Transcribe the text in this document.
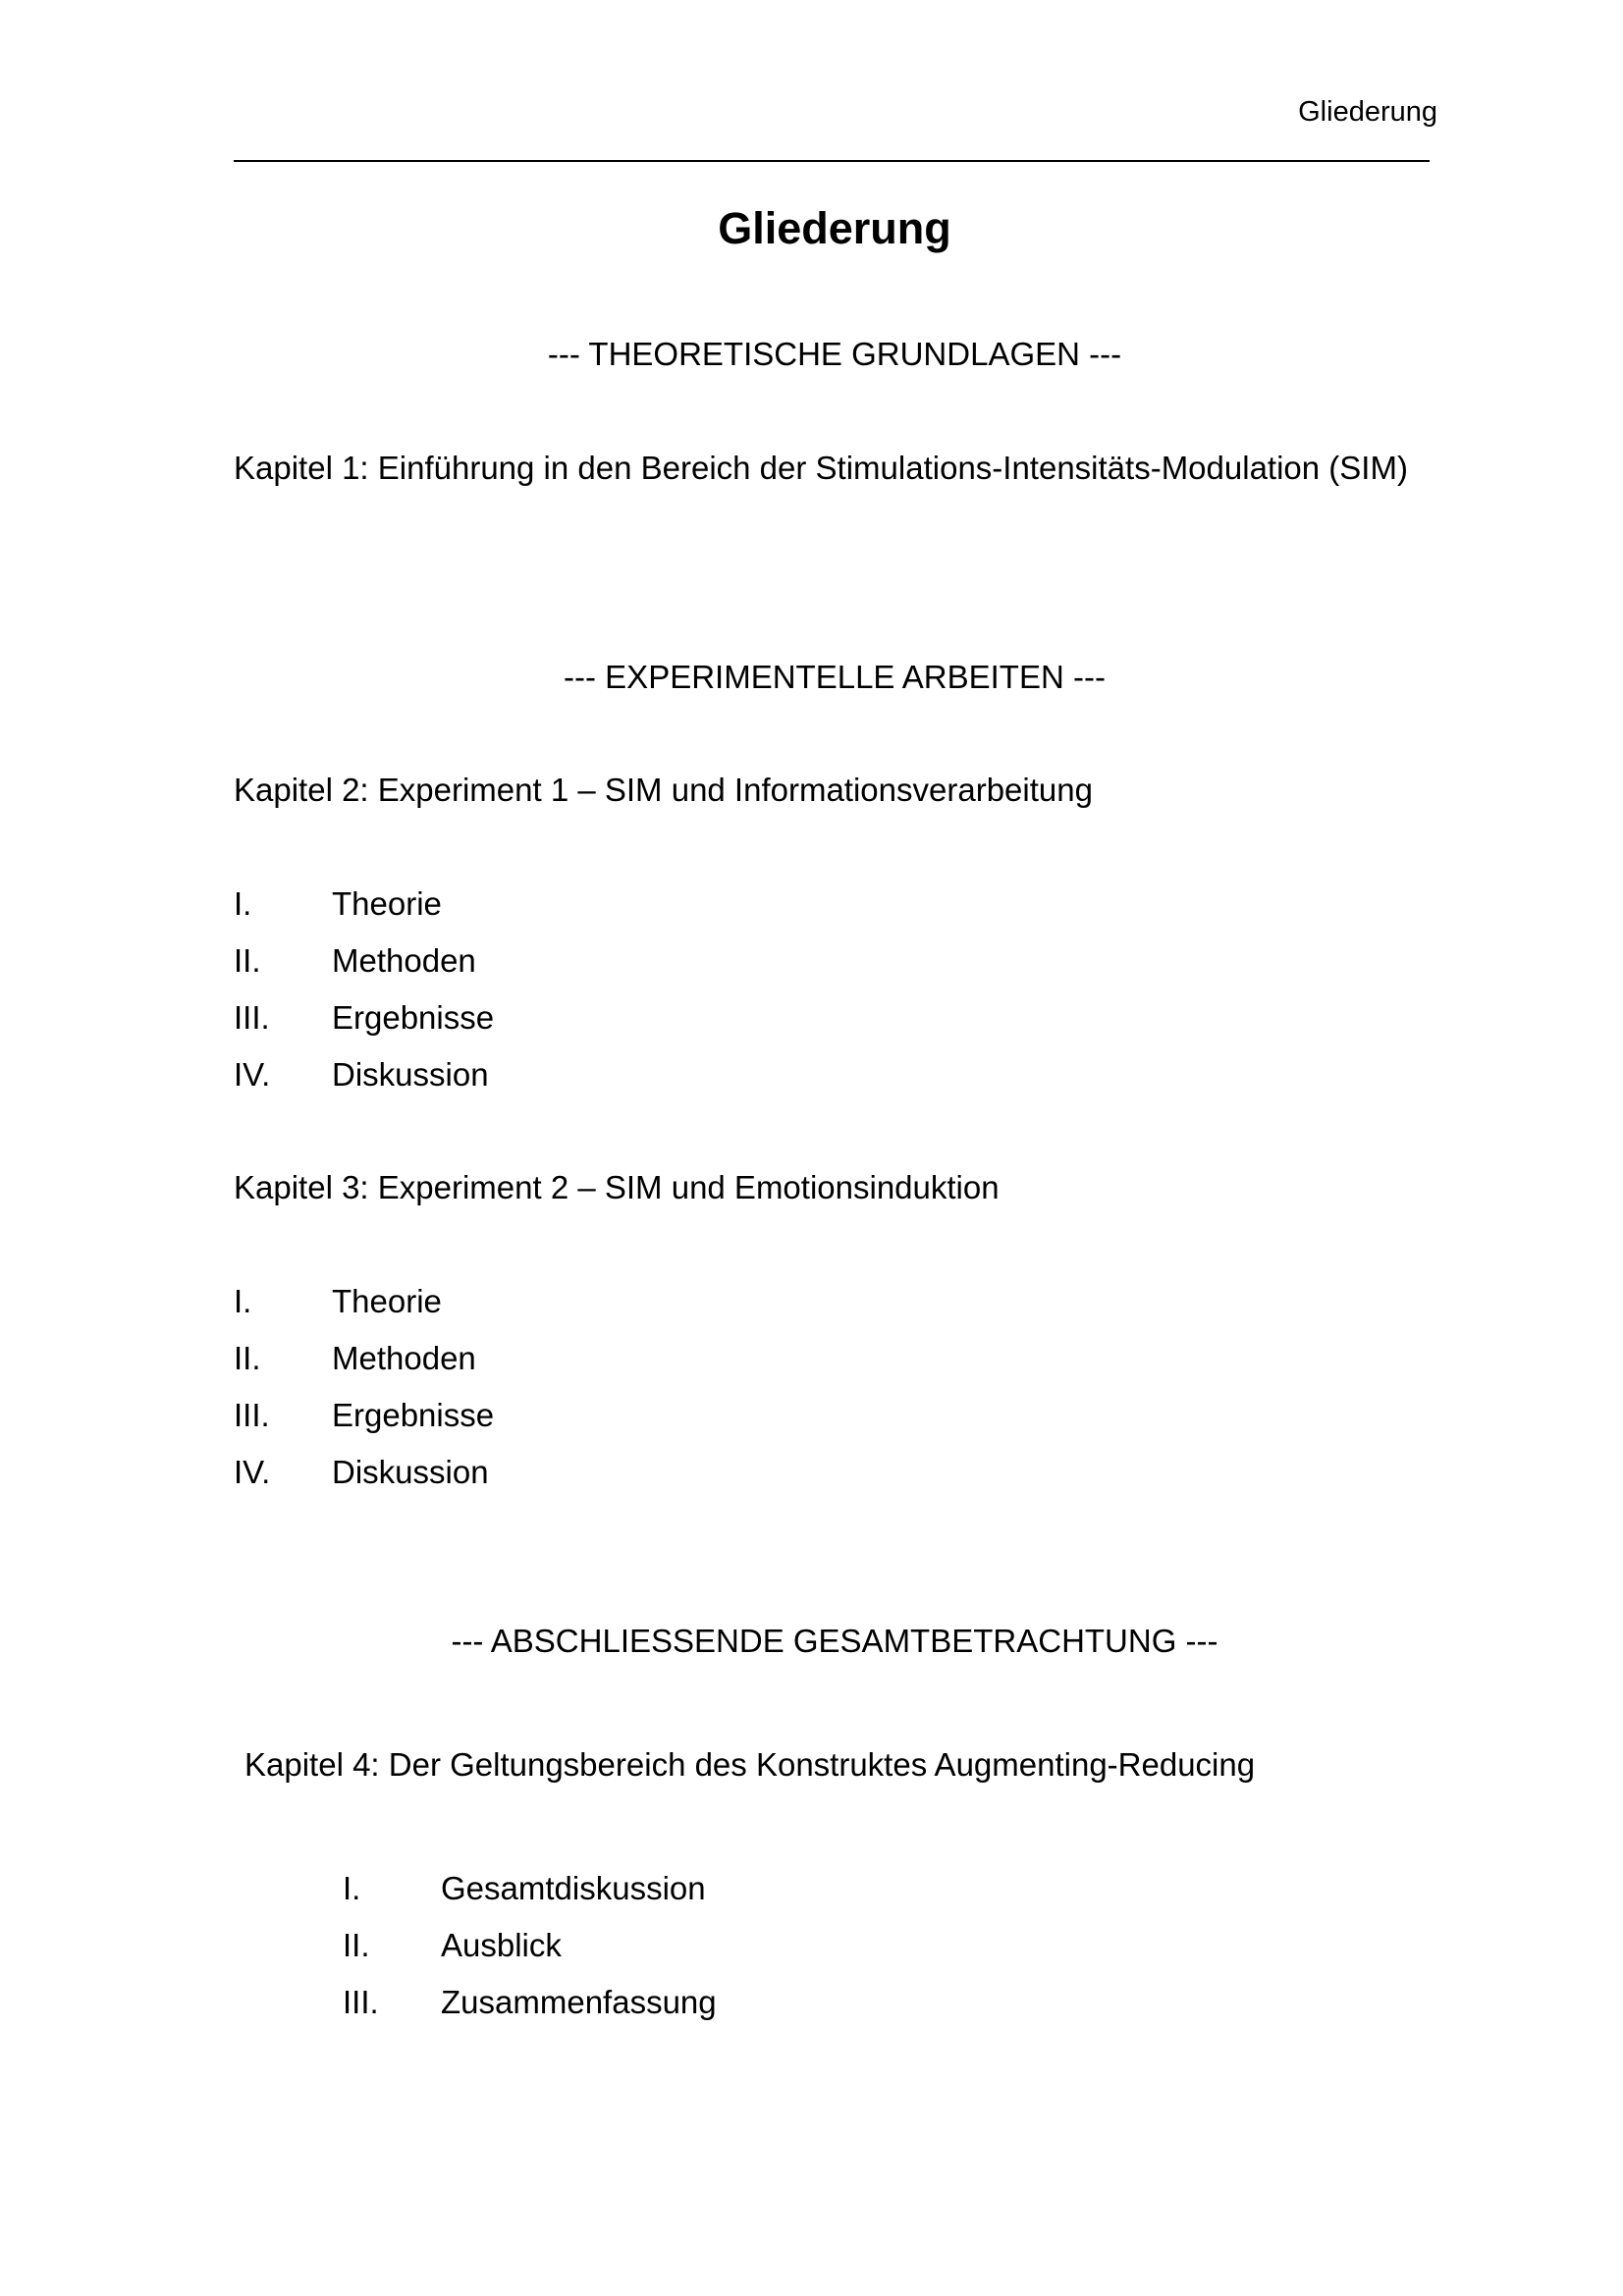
Gliederung
Gliederung
--- THEORETISCHE GRUNDLAGEN ---
Kapitel 1: Einführung in den Bereich der Stimulations-Intensitäts-Modulation (SIM)
--- EXPERIMENTELLE ARBEITEN ---
Kapitel 2: Experiment 1 – SIM und Informationsverarbeitung
I. Theorie
II. Methoden
III. Ergebnisse
IV. Diskussion
Kapitel 3: Experiment 2 – SIM und Emotionsinduktion
I. Theorie
II. Methoden
III. Ergebnisse
IV. Diskussion
--- ABSCHLIESSENDE GESAMTBETRACHTUNG ---
Kapitel 4: Der Geltungsbereich des Konstruktes Augmenting-Reducing
I. Gesamtdiskussion
II. Ausblick
III. Zusammenfassung
